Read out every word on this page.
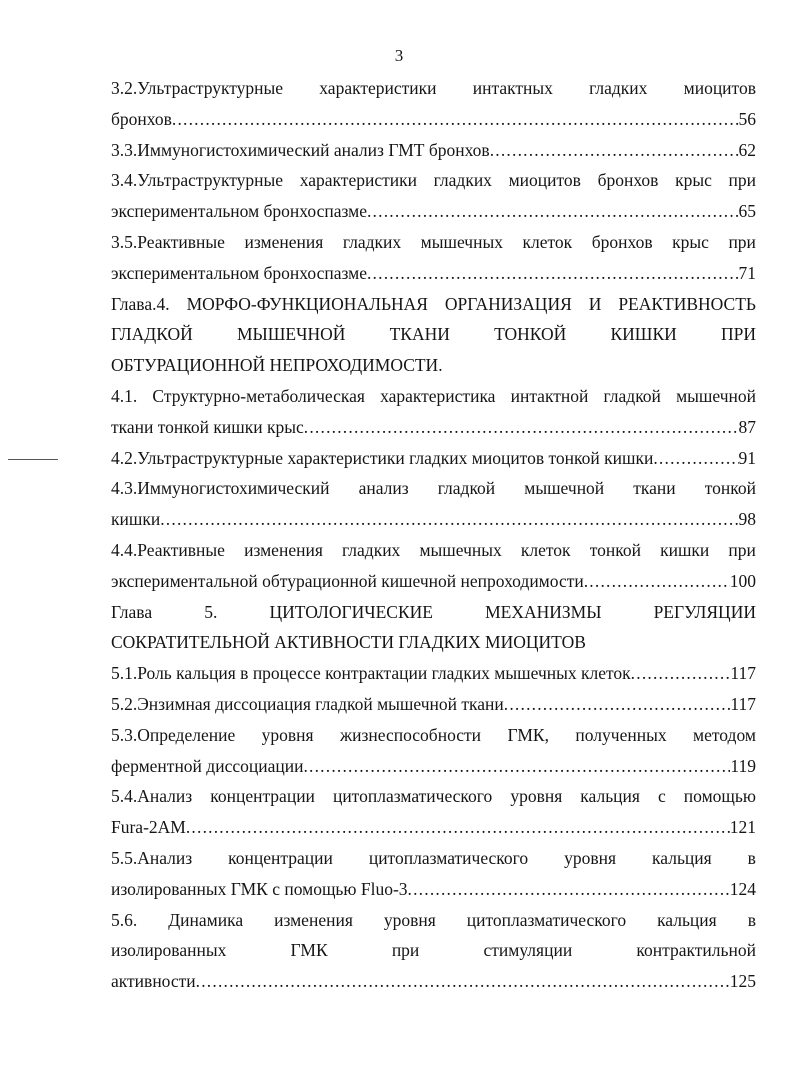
3
3.2.Ультраструктурные характеристики интактных гладких миоцитов
бронхов .....	56
3.3.Иммуногистохимический анализ ГМТ бронхов .....	62
3.4.Ультраструктурные характеристики гладких миоцитов бронхов крыс при
экспериментальном бронхоспазме .....	65
3.5.Реактивные изменения гладких мышечных клеток бронхов крыс при
экспериментальном бронхоспазме .....	71
Глава.4. МОРФО-ФУНКЦИОНАЛЬНАЯ ОРГАНИЗАЦИЯ И РЕАКТИВНОСТЬ
ГЛАДКОЙ	МЫШЕЧНОЙ	ТКАНИ	ТОНКОЙ	КИШКИ	ПРИ
ОБТУРАЦИОННОЙ НЕПРОХОДИМОСТИ.
4.1. Структурно-метаболическая характеристика интактной гладкой мышечной
ткани тонкой кишки крыс .....	87
4.2.Ультраструктурные характеристики гладких миоцитов тонкой кишки .....	91
4.3.Иммуногистохимический анализ гладкой мышечной ткани тонкой
кишки .....	98
4.4.Реактивные изменения гладких мышечных клеток тонкой кишки при
экспериментальной обтурационной кишечной непроходимости .....	100
Глава	5.	ЦИТОЛОГИЧЕСКИЕ	МЕХАНИЗМЫ	РЕГУЛЯЦИИ
СОКРАТИТЕЛЬНОЙ АКТИВНОСТИ ГЛАДКИХ МИОЦИТОВ
5.1.Роль кальция в процессе контрактации гладких мышечных клеток .....	117
5.2.Энзимная диссоциация гладкой мышечной ткани .....	117
5.3.Определение уровня жизнеспособности ГМК, полученных методом
ферментной диссоциации .....	119
5.4.Анализ концентрации цитоплазматического уровня кальция с помощью
Fura-2AM .....	121
5.5.Анализ концентрации цитоплазматического уровня кальция в
изолированных ГМК с помощью Fluo-3 .....	124
5.6. Динамика изменения уровня цитоплазматического кальция в
изолированных	ГМК	при	стимуляции	контрактильной
активности .....	125
